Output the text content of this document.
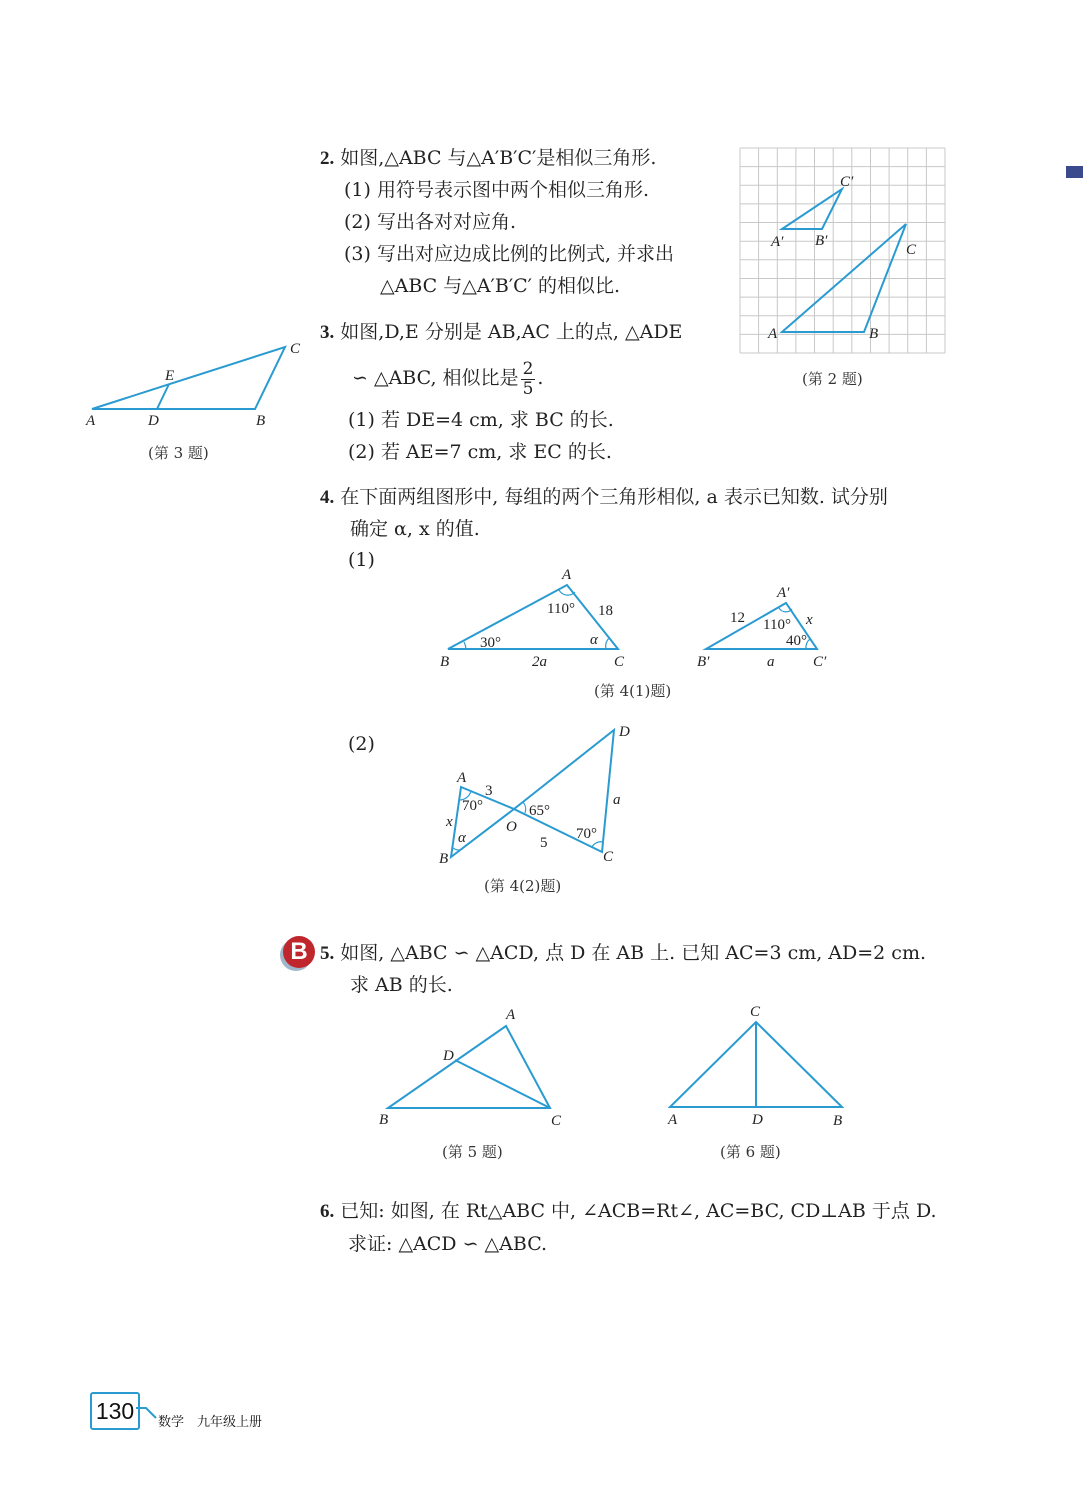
2. 如图,△ABC 与△A′B′C′是相似三角形.
(1) 用符号表示图中两个相似三角形.
(2) 写出各对对应角.
(3) 写出对应边成比例的比例式, 并求出
△ABC 与△A′B′C′ 的相似比.
A′ B′
C′
A	B
C
(第 2 题)
3. 如图,D,E 分别是 AB,AC 上的点, △ADE
∽ △ABC, 相似比是 $\frac{2}{5}$ .
(1) 若 DE=4 cm, 求 BC 的长.
(2) 若 AE=7 cm, 求 EC 的长.
A	D	B
E
C
(第 3 题)
4. 在下面两组图形中, 每组的两个三角形相似, a 表示已知数. 试分别
确定 α, x 的值.
(1)
A
B	C
110°
30°	α
18
2a
A′
B′	C′
110°
40°
12	x
a
(第 4(1)题)
(2)
A
B	C
D
O
70°
α
65°
70°
3
x
5
a
(第 4(2)题)
B 5. 如图, △ABC ∽ △ACD, 点 D 在 AB 上. 已知 AC=3 cm, AD=2 cm.
求 AB 的长.
A
D
B	C
(第 5 题)
C
A	D	B
(第 6 题)
6. 已知: 如图, 在 Rt△ABC 中, ∠ACB=Rt∠, AC=BC, CD⊥AB 于点 D.
求证: △ACD ∽ △ABC.
130	数学　九年级上册
